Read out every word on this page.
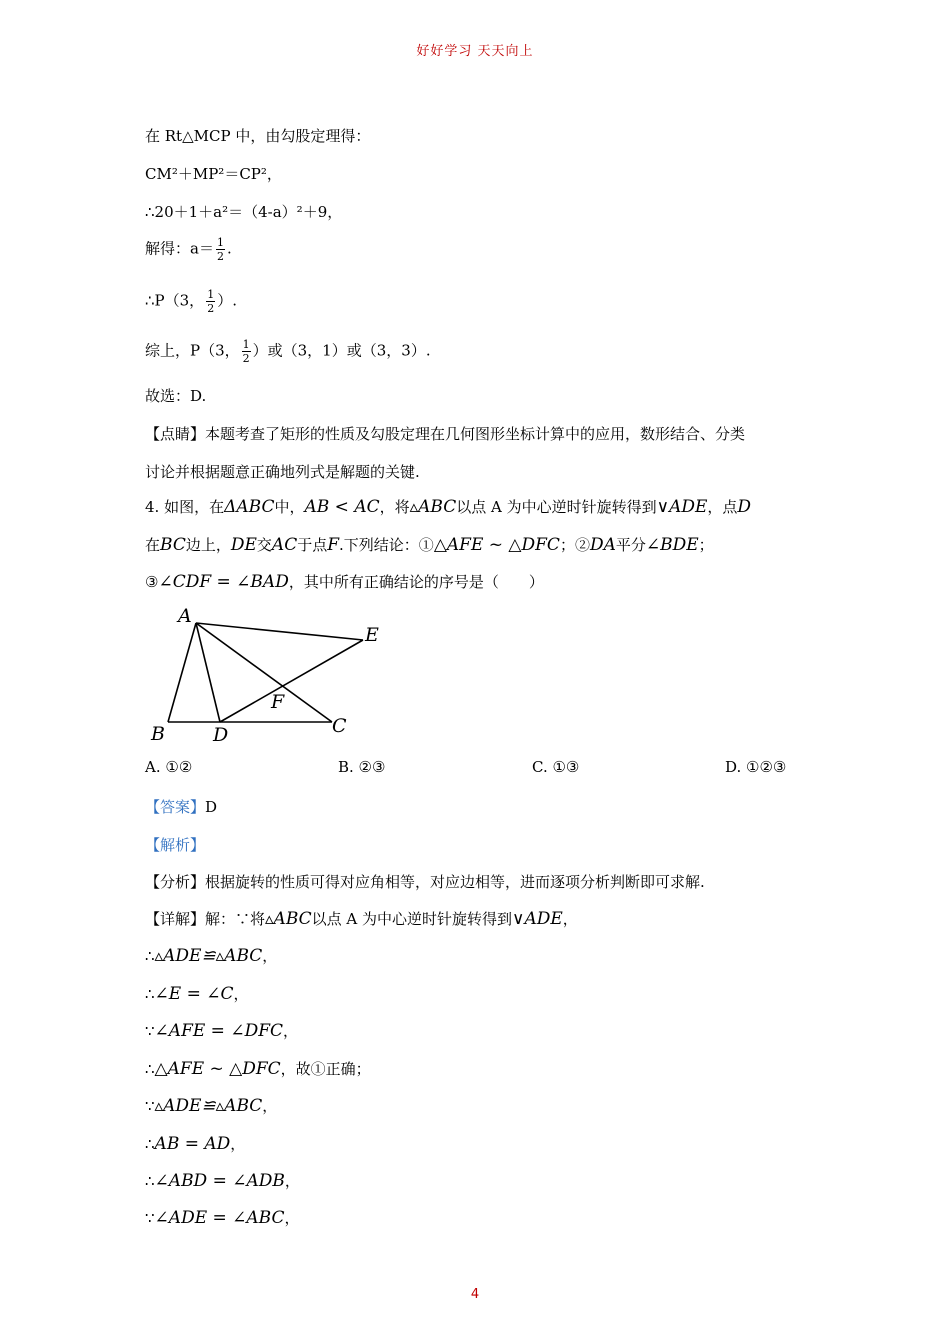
好好学习 天天向上
在 Rt△MCP 中，由勾股定理得：
CM²＋MP²＝CP²，
∴20＋1＋a²＝（4-a）²＋9，
解得：$a= \frac{1}{2}$ .
∴P（3， $\frac{1}{2}$ ）.
综上，P（3， $\frac{1}{2}$ ）或（3，1）或（3，3）.
故选：D.
【点睛】本题考查了矩形的性质及勾股定理在几何图形坐标计算中的应用，数形结合、分类
讨论并根据题意正确地列式是解题的关键.
4. 如图，在ΔABC中，AB < AC，将▵ABC以点 A 为中心逆时针旋转得到∨ADE，点D
在BC边上，DE交AC于点F.下列结论：①△AFE ~ △DFC；②DA平分∠BDE；
③∠CDF = ∠BAD，其中所有正确结论的序号是（　　）
A
B	C
D
E
F
A. ①②	B. ②③	C. ①③	D. ①②③
【答案】D
【解析】
【分析】根据旋转的性质可得对应角相等，对应边相等，进而逐项分析判断即可求解.
【详解】解：∵将▵ABC以点 A 为中心逆时针旋转得到∨ADE，
∴▵ADE≌▵ABC，
∴∠E = ∠C，
∵∠AFE = ∠DFC，
∴△AFE ~ △DFC，故①正确；
∵▵ADE≌▵ABC，
∴AB = AD，
∴∠ABD = ∠ADB，
∵∠ADE = ∠ABC，
4
